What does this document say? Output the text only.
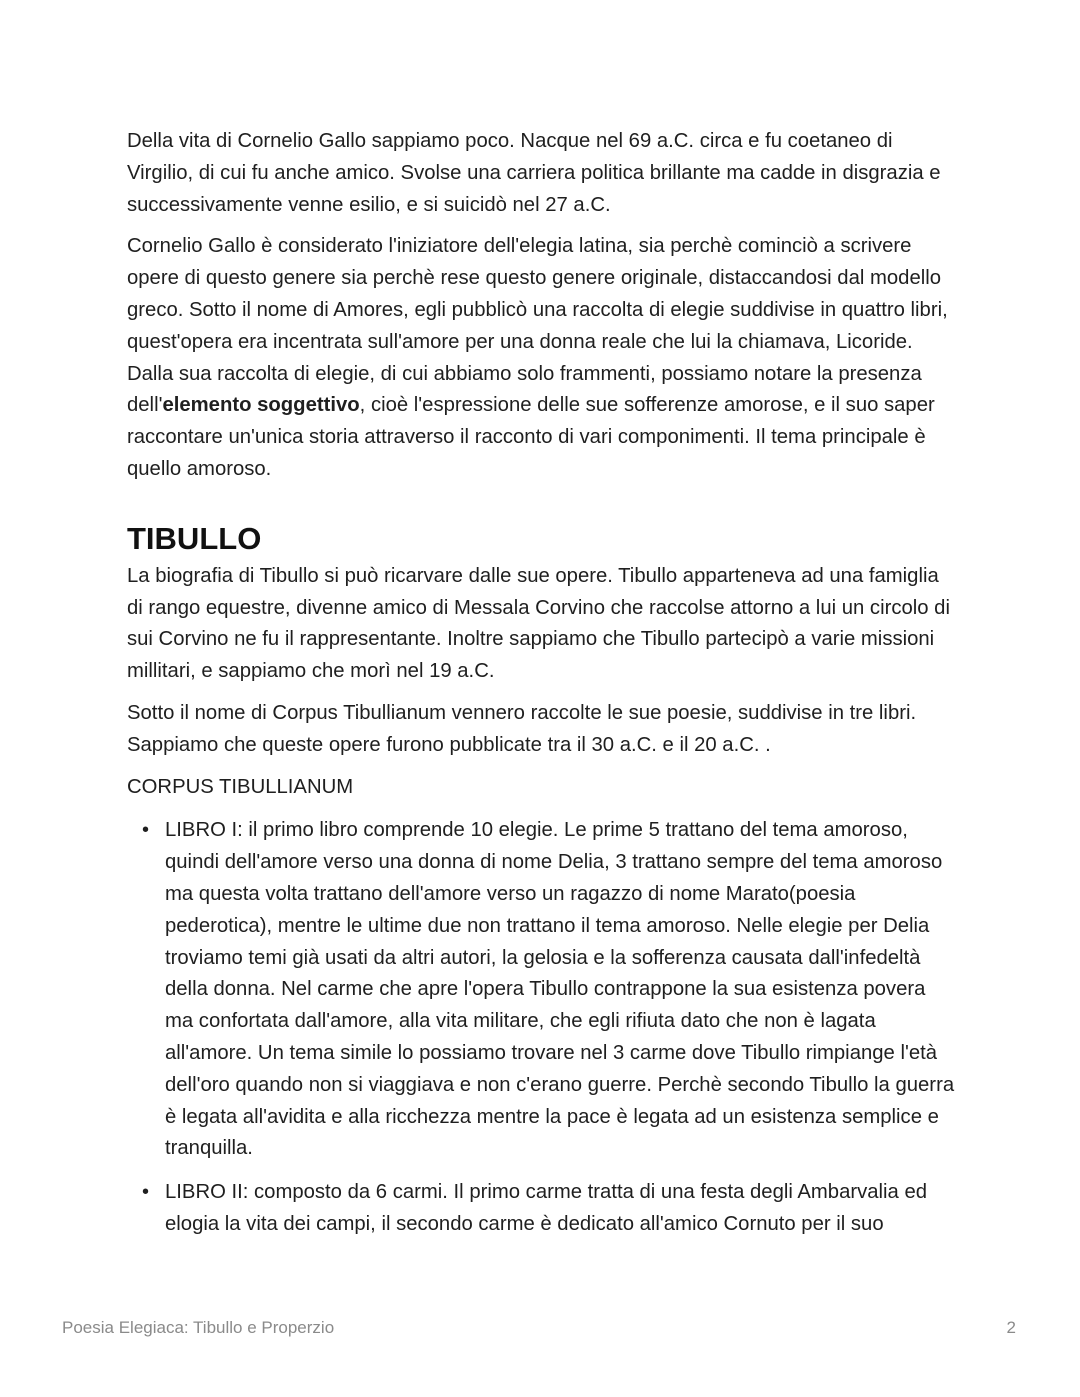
Della vita di Cornelio Gallo sappiamo poco. Nacque nel 69 a.C. circa e fu coetaneo di Virgilio, di cui fu anche amico. Svolse una carriera politica brillante ma cadde in disgrazia e successivamente venne esilio, e si suicidò nel 27 a.C.

Cornelio Gallo è considerato l'iniziatore dell'elegia latina, sia perchè cominciò a scrivere opere di questo genere sia perchè rese questo genere originale, distaccandosi dal modello greco. Sotto il nome di Amores, egli pubblicò una raccolta di elegie suddivise in quattro libri, quest'opera era incentrata sull'amore per una donna reale che lui la chiamava, Licoride. Dalla sua raccolta di elegie, di cui abbiamo solo frammenti, possiamo notare la presenza dell'elemento soggettivo, cioè l'espressione delle sue sofferenze amorose, e il suo saper raccontare un'unica storia attraverso il racconto di vari componimenti. Il tema principale è quello amoroso.

TIBULLO

La biografia di Tibullo si può ricarvare dalle sue opere. Tibullo apparteneva ad una famiglia di rango equestre, divenne amico di Messala Corvino che raccolse attorno a lui un circolo di sui Corvino ne fu il rappresentante. Inoltre sappiamo che Tibullo partecipò a varie missioni millitari, e sappiamo che morì nel 19 a.C.

Sotto il nome di Corpus Tibullianum vennero raccolte le sue poesie, suddivise in tre libri. Sappiamo che queste opere furono pubblicate tra il 30 a.C. e il 20 a.C. .

CORPUS TIBULLIANUM

• LIBRO I: il primo libro comprende 10 elegie. Le prime 5 trattano del tema amoroso, quindi dell'amore verso una donna di nome Delia, 3 trattano sempre del tema amoroso ma questa volta trattano dell'amore verso un ragazzo di nome Marato(poesia pederotica), mentre le ultime due non trattano il tema amoroso. Nelle elegie per Delia troviamo temi già usati da altri autori, la gelosia e la sofferenza causata dall'infedeltà della donna. Nel carme che apre l'opera Tibullo contrappone la sua esistenza povera ma confortata dall'amore, alla vita militare, che egli rifiuta dato che non è lagata all'amore. Un tema simile lo possiamo trovare nel 3 carme dove Tibullo rimpiange l'età dell'oro quando non si viaggiava e non c'erano guerre. Perchè secondo Tibullo la guerra è legata all'avidita e alla ricchezza mentre la pace è legata ad un esistenza semplice e tranquilla.
• LIBRO II: composto da 6 carmi. Il primo carme tratta di una festa degli Ambarvalia ed elogia la vita dei campi, il secondo carme è dedicato all'amico Cornuto per il suo
Poesia Elegiaca: Tibullo e Properzio	2
